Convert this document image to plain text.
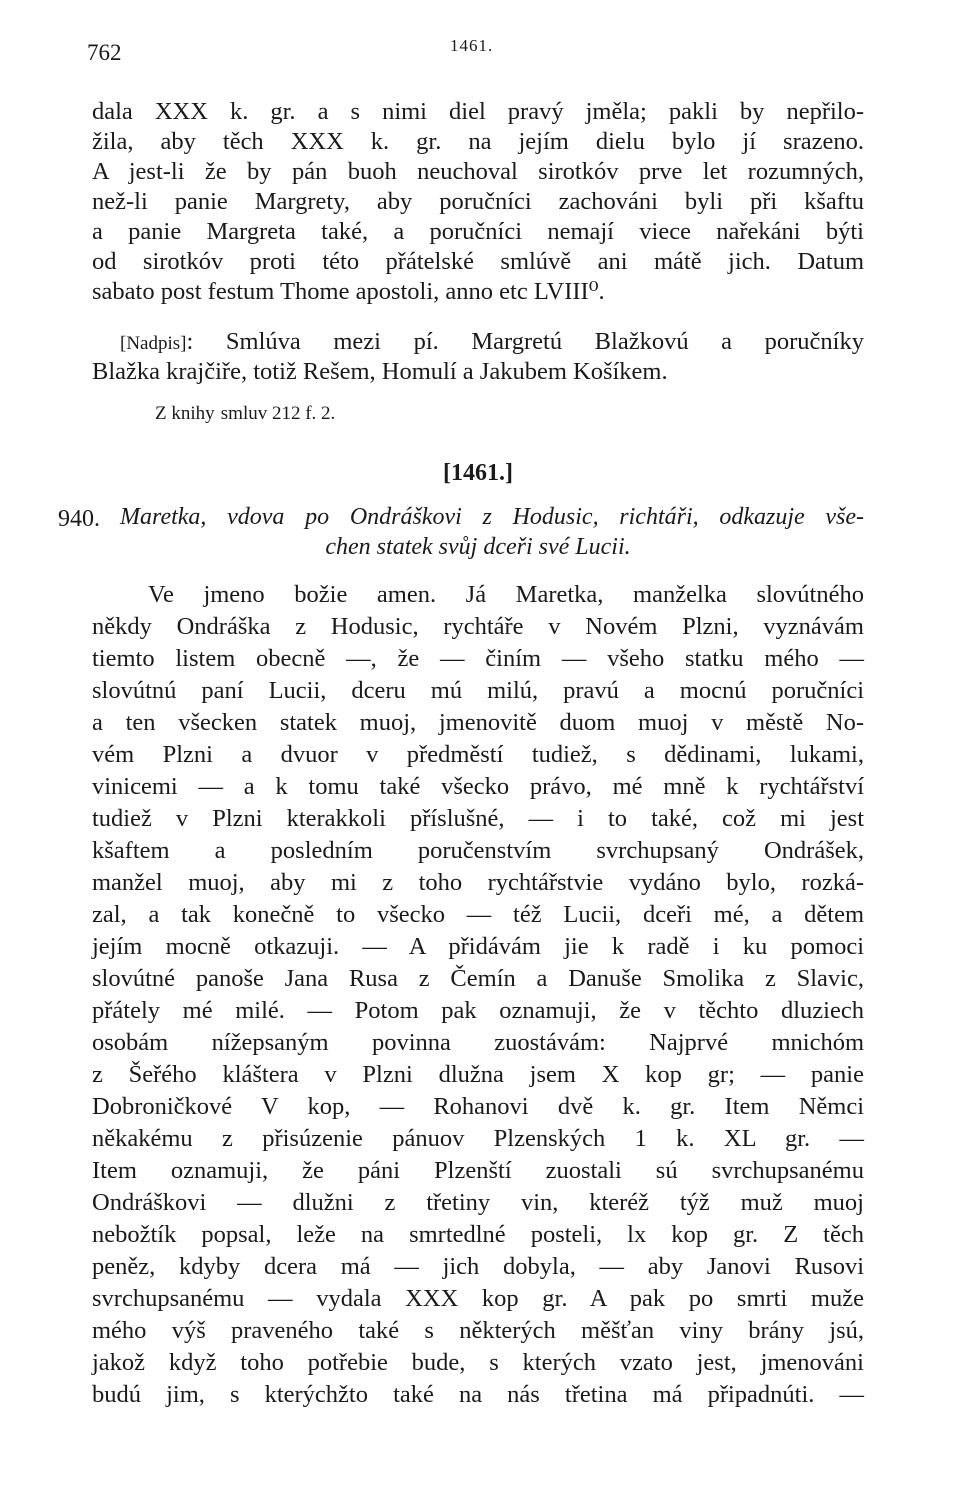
762	1461.
dala XXX k. gr. a s nimi diel pravý jměla; pakli by nepřilo-
žila, aby těch XXX k. gr. na jejím dielu bylo jí srazeno.
A jest-li že by pán buoh neuchoval sirotkóv prve let rozumných,
než-li panie Margrety, aby poručníci zachováni byli při kšaftu
a panie Margreta také, a poručníci nemají viece nařekáni býti
od sirotkóv proti této přátelské smlúvě ani mátě jich. Datum
sabato post festum Thome apostoli, anno etc LVIII⁰.
[Nadpis]: Smlúva mezi pí. Margretú Blažkovú a poručníky
Blažka krajčiře, totiž Rešem, Homulí a Jakubem Košíkem.
Z knihy smluv 212 f. 2.
[1461.]
940. Maretka, vdova po Ondráškovi z Hodusic, richtáři, odkazuje vše-
chen statek svůj dceři své Lucii.
Ve jmeno božie amen. Já Maretka, manželka slovútného
někdy Ondráška z Hodusic, rychtáře v Novém Plzni, vyznávám
tiemto listem obecně —, že — činím — všeho statku mého —
slovútnú paní Lucii, dceru mú milú, pravú a mocnú poručníci
a ten všecken statek muoj, jmenovitě duom muoj v městě No-
vém Plzni a dvuor v předměstí tudiež, s dědinami, lukami,
vinicemi — a k tomu také všecko právo, mé mně k rychtářství
tudiež v Plzni kterakkoli příslušné, — i to také, což mi jest
kšaftem a posledním poručenstvím svrchupsaný Ondrášek,
manžel muoj, aby mi z toho rychtářstvie vydáno bylo, rozká-
zal, a tak konečně to všecko — též Lucii, dceři mé, a dětem
jejím mocně otkazuji. — A přidávám jie k radě i ku pomoci
slovútné panoše Jana Rusa z Čemín a Danuše Smolika z Slavic,
přátely mé milé. — Potom pak oznamuji, že v těchto dluziech
osobám nížepsaným povinna zuostávám: Najprvé mnichóm
z Šeřého kláštera v Plzni dlužna jsem X kop gr; — panie
Dobroničkové V kop, — Rohanovi dvě k. gr. Item Němci
někakému z přisúzenie pánuov Plzenských 1 k. XL gr. —
Item oznamuji, že páni Plzenští zuostali sú svrchupsanému
Ondráškovi — dlužni z třetiny vin, kteréž týž muž muoj
nebožtík popsal, leže na smrtedlné posteli, lx kop gr. Z těch
peněz, kdyby dcera má — jich dobyla, — aby Janovi Rusovi
svrchupsanému — vydala XXX kop gr. A pak po smrti muže
mého výš praveného také s některých měšťan viny brány jsú,
jakož když toho potřebie bude, s kterých vzato jest, jmenováni
budú jim, s kterýchžto také na nás třetina má připadnúti. —
